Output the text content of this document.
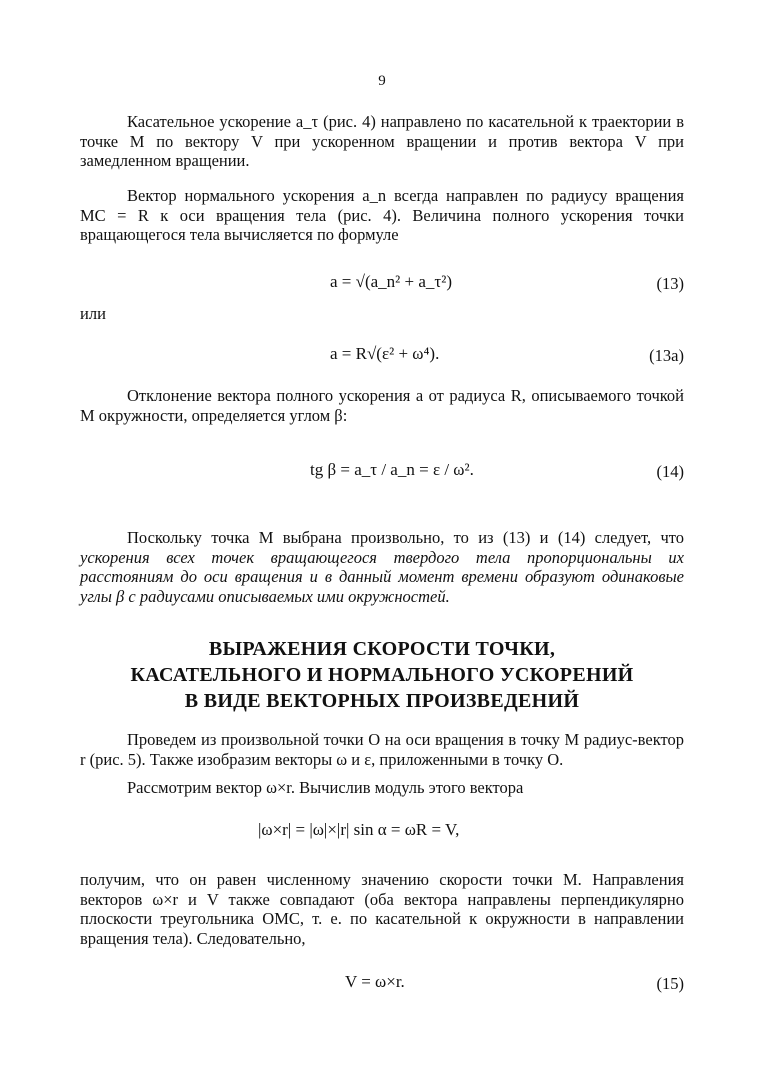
9

Касательное ускорение a_τ (рис. 4) направлено по касательной к траектории в точке M по вектору V при ускоренном вращении и против вектора V при замедленном вращении.

Вектор нормального ускорения a_n всегда направлен по радиусу вращения MC = R к оси вращения тела (рис. 4). Величина полного ускорения точки вращающегося тела вычисляется по формуле

a = √(a_n² + a_τ²)	(13)
или
a = R√(ε² + ω⁴).	(13а)

Отклонение вектора полного ускорения a от радиуса R, описываемого точкой M окружности, определяется углом β:

tg β = a_τ / a_n = ε / ω².	(14)

Поскольку точка M выбрана произвольно, то из (13) и (14) следует, что ускорения всех точек вращающегося твердого тела пропорциональны их расстояниям до оси вращения и в данный момент времени образуют одинаковые углы β с радиусами описываемых ими окружностей.

ВЫРАЖЕНИЯ СКОРОСТИ ТОЧКИ,
КАСАТЕЛЬНОГО И НОРМАЛЬНОГО УСКОРЕНИЙ
В ВИДЕ ВЕКТОРНЫХ ПРОИЗВЕДЕНИЙ

Проведем из произвольной точки O на оси вращения в точку M радиус-вектор r (рис. 5). Также изобразим векторы ω и ε, приложенными в точку O.

Рассмотрим вектор ω×r. Вычислив модуль этого вектора

|ω×r| = |ω|×|r| sin α = ωR = V,

получим, что он равен численному значению скорости точки M. Направления векторов ω×r и V также совпадают (оба вектора направлены перпендикулярно плоскости треугольника OMC, т. е. по касательной к окружности в направлении вращения тела). Следовательно,

V = ω×r.	(15)
